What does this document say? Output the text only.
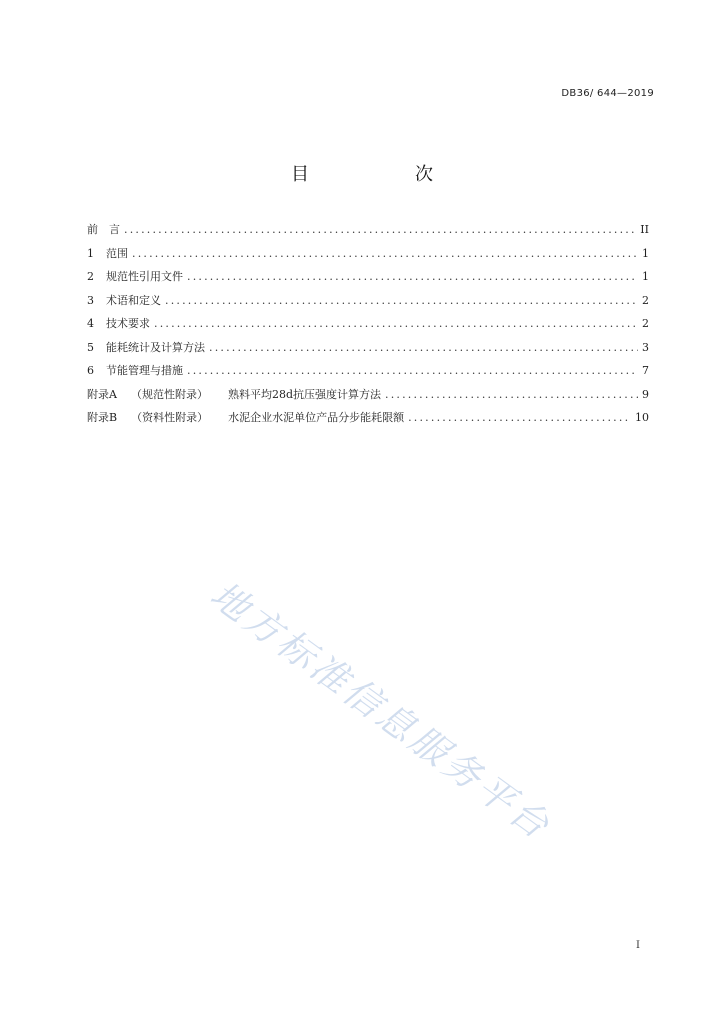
DB36/ 644—2019
目　次
前　言 .....	II
1 范围 .....	1
2 规范性引用文件 .....	1
3 术语和定义 .....	2
4 技术要求 .....	2
5 能耗统计及计算方法 .....	3
6 节能管理与措施 .....	7
附录A （规范性附录） 熟料平均28d抗压强度计算方法 .....	9
附录B （资料性附录） 水泥企业水泥单位产品分步能耗限额 .....	10
地方标准信息服务平台
I
